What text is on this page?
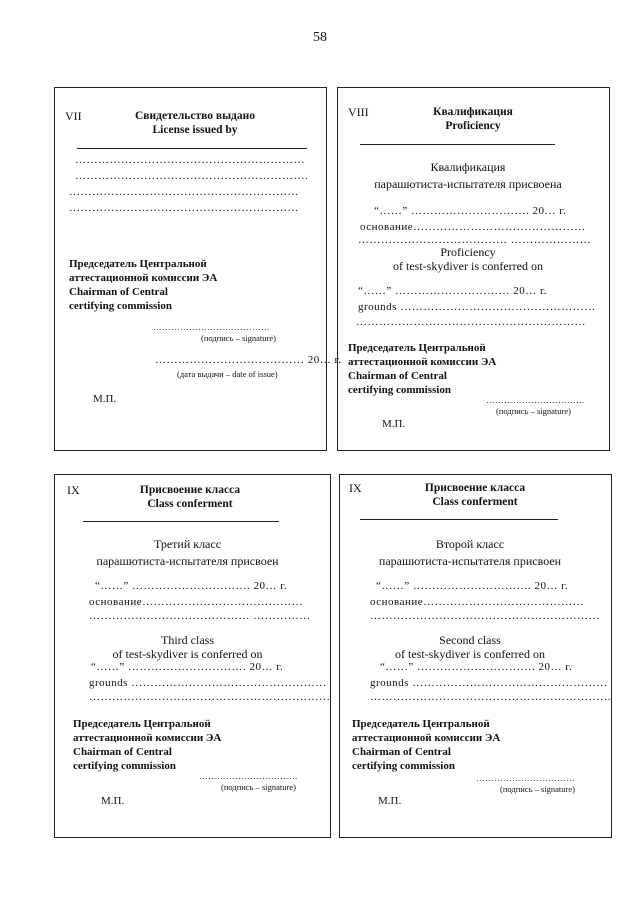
58
VII	Свидетельство выдано
License issued by
……………………………………………………
…………………………………………………….
……………………………………………………
……………………………………………………
Председатель Центральной
аттестационной комиссии ЭА
Chairman of Central
certifying commission
…………………………………
(подпись – signature)
………………………………… 20… г.
(дата выдачи – date of issue)
М.П.
VIII	Квалификация
Proficiency
Квалификация
парашютиста-испытателя присвоена
“……” …………………………. 20… г.
основание………………………………………
………………………………… …………………
Proficiency
of test-skydiver is conferred on
“……” ………………………… 20… г.
grounds ……………………………………………
……………………………………………………
Председатель Центральной
аттестационной комиссии ЭА
Chairman of Central
certifying commission
……………………………
(подпись – signature)
М.П.
IX	Присвоение класса
Class conferment
Третий класс
парашютиста-испытателя присвоен
“……” …………………………. 20… г.
основание……………………………………
…………………………………… ……………
Third class
of test-skydiver is conferred on
“……” …………………………. 20… г.
grounds ……………………………………………
………………………………………………………
Председатель Центральной
аттестационной комиссии ЭА
Chairman of Central
certifying commission
……………………………
(подпись – signature)
М.П.
IX	Присвоение класса
Class conferment
Второй класс
парашютиста-испытателя присвоен
“……” …………………………. 20… г.
основание……………………………………
……………………………………………………
Second class
of test-skydiver is conferred on
“……” …………………………. 20… г.
grounds ……………………………………………
………………………………………………………
Председатель Центральной
аттестационной комиссии ЭА
Chairman of Central
certifying commission
……………………………
(подпись – signature)
М.П.
